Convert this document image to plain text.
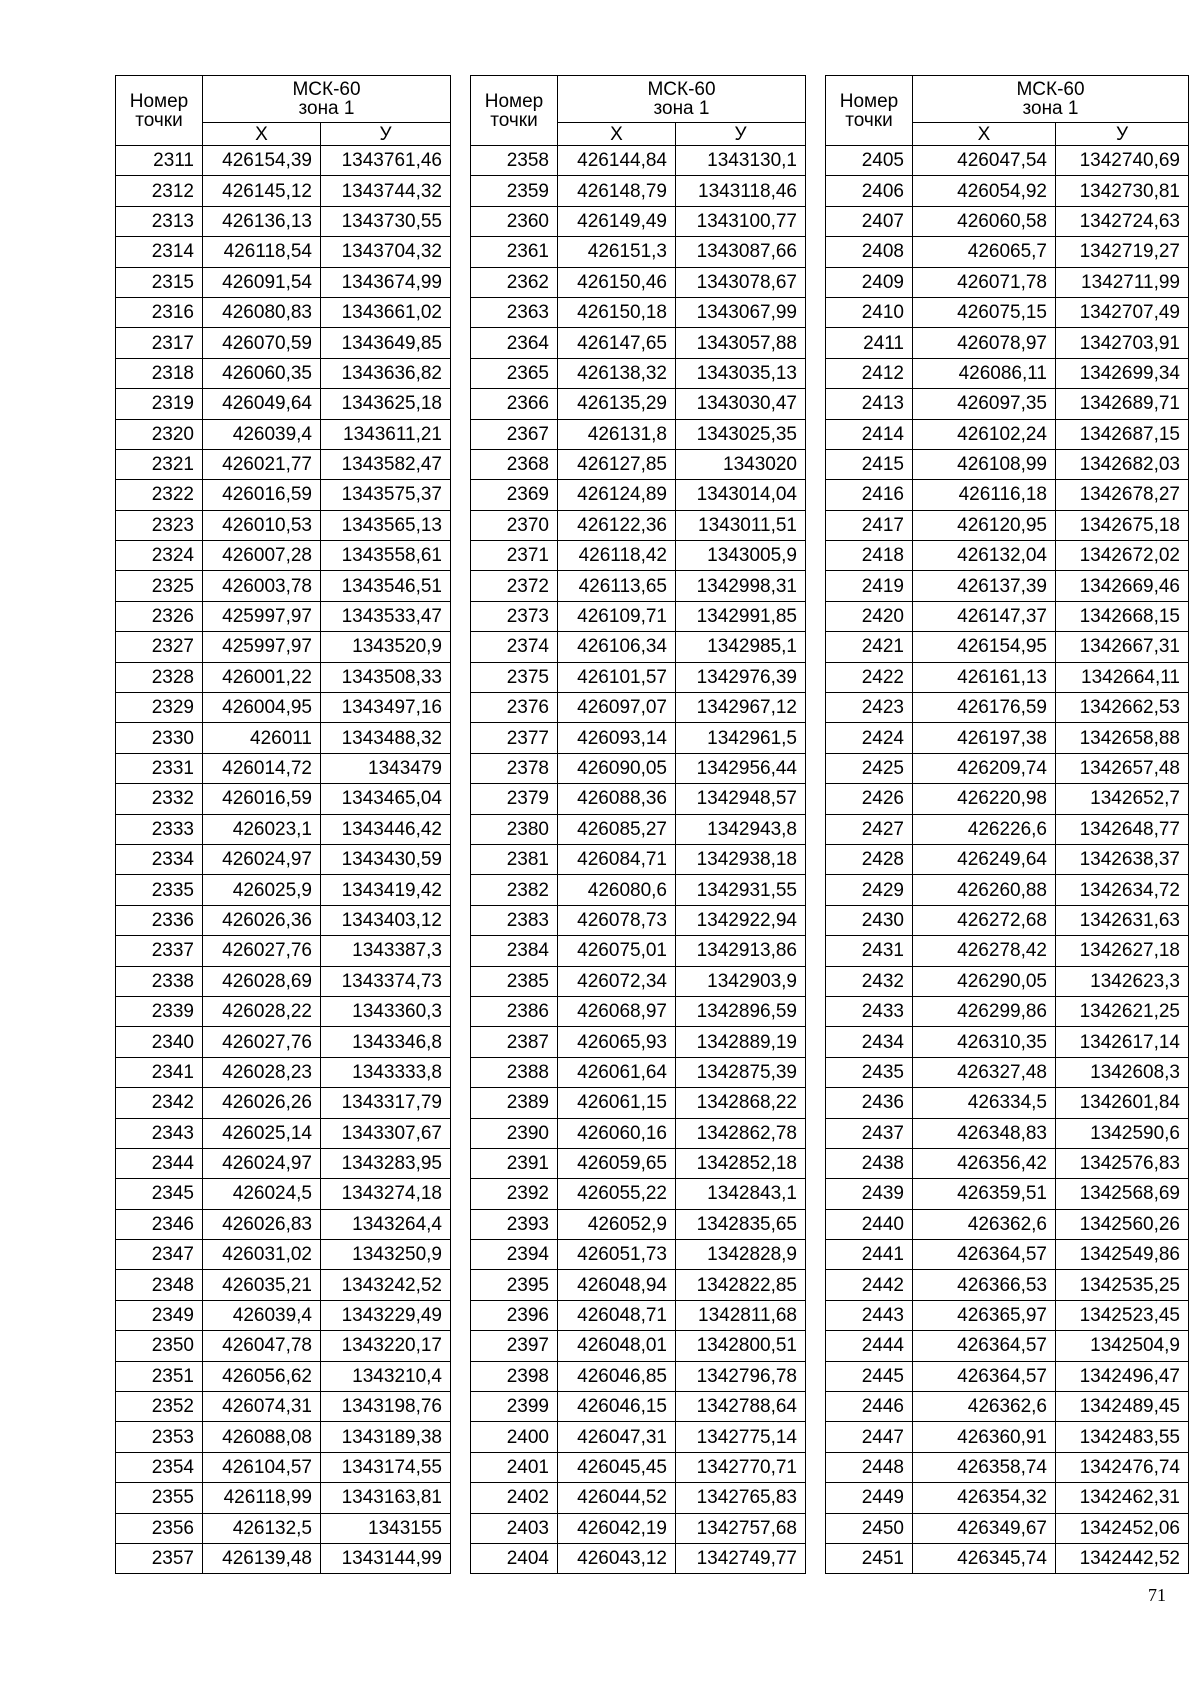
Номер
точки	МСК-60
зона 1	
	Х	У
2311	426154,39	1343761,46
2312	426145,12	1343744,32
2313	426136,13	1343730,55
2314	426118,54	1343704,32
2315	426091,54	1343674,99
2316	426080,83	1343661,02
2317	426070,59	1343649,85
2318	426060,35	1343636,82
2319	426049,64	1343625,18
2320	426039,4	1343611,21
2321	426021,77	1343582,47
2322	426016,59	1343575,37
2323	426010,53	1343565,13
2324	426007,28	1343558,61
2325	426003,78	1343546,51
2326	425997,97	1343533,47
2327	425997,97	1343520,9
2328	426001,22	1343508,33
2329	426004,95	1343497,16
2330	426011	1343488,32
2331	426014,72	1343479
2332	426016,59	1343465,04
2333	426023,1	1343446,42
2334	426024,97	1343430,59
2335	426025,9	1343419,42
2336	426026,36	1343403,12
2337	426027,76	1343387,3
2338	426028,69	1343374,73
2339	426028,22	1343360,3
2340	426027,76	1343346,8
2341	426028,23	1343333,8
2342	426026,26	1343317,79
2343	426025,14	1343307,67
2344	426024,97	1343283,95
2345	426024,5	1343274,18
2346	426026,83	1343264,4
2347	426031,02	1343250,9
2348	426035,21	1343242,52
2349	426039,4	1343229,49
2350	426047,78	1343220,17
2351	426056,62	1343210,4
2352	426074,31	1343198,76
2353	426088,08	1343189,38
2354	426104,57	1343174,55
2355	426118,99	1343163,81
2356	426132,5	1343155
2357	426139,48	1343144,99
Номер
точки	МСК-60
зона 1	
	Х	У
2358	426144,84	1343130,1
2359	426148,79	1343118,46
2360	426149,49	1343100,77
2361	426151,3	1343087,66
2362	426150,46	1343078,67
2363	426150,18	1343067,99
2364	426147,65	1343057,88
2365	426138,32	1343035,13
2366	426135,29	1343030,47
2367	426131,8	1343025,35
2368	426127,85	1343020
2369	426124,89	1343014,04
2370	426122,36	1343011,51
2371	426118,42	1343005,9
2372	426113,65	1342998,31
2373	426109,71	1342991,85
2374	426106,34	1342985,1
2375	426101,57	1342976,39
2376	426097,07	1342967,12
2377	426093,14	1342961,5
2378	426090,05	1342956,44
2379	426088,36	1342948,57
2380	426085,27	1342943,8
2381	426084,71	1342938,18
2382	426080,6	1342931,55
2383	426078,73	1342922,94
2384	426075,01	1342913,86
2385	426072,34	1342903,9
2386	426068,97	1342896,59
2387	426065,93	1342889,19
2388	426061,64	1342875,39
2389	426061,15	1342868,22
2390	426060,16	1342862,78
2391	426059,65	1342852,18
2392	426055,22	1342843,1
2393	426052,9	1342835,65
2394	426051,73	1342828,9
2395	426048,94	1342822,85
2396	426048,71	1342811,68
2397	426048,01	1342800,51
2398	426046,85	1342796,78
2399	426046,15	1342788,64
2400	426047,31	1342775,14
2401	426045,45	1342770,71
2402	426044,52	1342765,83
2403	426042,19	1342757,68
2404	426043,12	1342749,77
Номер
точки	МСК-60
зона 1	
	Х	У
2405	426047,54	1342740,69
2406	426054,92	1342730,81
2407	426060,58	1342724,63
2408	426065,7	1342719,27
2409	426071,78	1342711,99
2410	426075,15	1342707,49
2411	426078,97	1342703,91
2412	426086,11	1342699,34
2413	426097,35	1342689,71
2414	426102,24	1342687,15
2415	426108,99	1342682,03
2416	426116,18	1342678,27
2417	426120,95	1342675,18
2418	426132,04	1342672,02
2419	426137,39	1342669,46
2420	426147,37	1342668,15
2421	426154,95	1342667,31
2422	426161,13	1342664,11
2423	426176,59	1342662,53
2424	426197,38	1342658,88
2425	426209,74	1342657,48
2426	426220,98	1342652,7
2427	426226,6	1342648,77
2428	426249,64	1342638,37
2429	426260,88	1342634,72
2430	426272,68	1342631,63
2431	426278,42	1342627,18
2432	426290,05	1342623,3
2433	426299,86	1342621,25
2434	426310,35	1342617,14
2435	426327,48	1342608,3
2436	426334,5	1342601,84
2437	426348,83	1342590,6
2438	426356,42	1342576,83
2439	426359,51	1342568,69
2440	426362,6	1342560,26
2441	426364,57	1342549,86
2442	426366,53	1342535,25
2443	426365,97	1342523,45
2444	426364,57	1342504,9
2445	426364,57	1342496,47
2446	426362,6	1342489,45
2447	426360,91	1342483,55
2448	426358,74	1342476,74
2449	426354,32	1342462,31
2450	426349,67	1342452,06
2451	426345,74	1342442,52
71
